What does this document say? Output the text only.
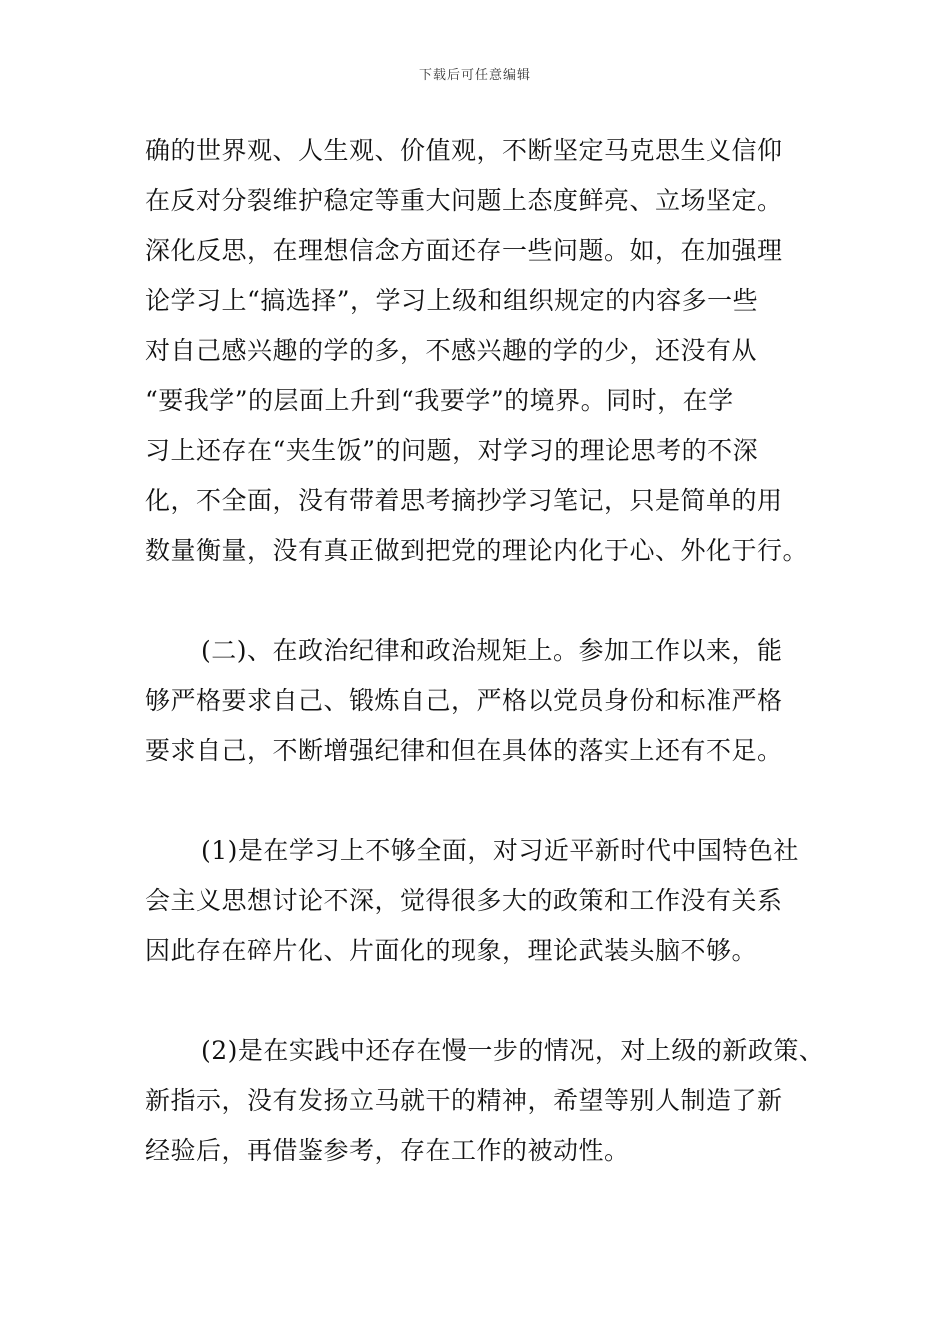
下载后可任意编辑
确的世界观、人生观、价值观，不断坚定马克思生义信仰
在反对分裂维护稳定等重大问题上态度鲜亮、立场坚定。
深化反思，在理想信念方面还存一些问题。如，在加强理
论学习上“搞选择”，学习上级和组织规定的内容多一些
对自己感兴趣的学的多，不感兴趣的学的少，还没有从
“要我学”的层面上升到“我要学”的境界。同时，在学
习上还存在“夹生饭”的问题，对学习的理论思考的不深
化，不全面，没有带着思考摘抄学习笔记，只是简单的用
数量衡量，没有真正做到把党的理论内化于心、外化于行。
(二)、在政治纪律和政治规矩上。参加工作以来，能
够严格要求自己、锻炼自己，严格以党员身份和标准严格
要求自己，不断增强纪律和但在具体的落实上还有不足。
(1)是在学习上不够全面，对习近平新时代中国特色社
会主义思想讨论不深，觉得很多大的政策和工作没有关系
因此存在碎片化、片面化的现象，理论武装头脑不够。
(2)是在实践中还存在慢一步的情况，对上级的新政策、
新指示，没有发扬立马就干的精神，希望等别人制造了新
经验后，再借鉴参考，存在工作的被动性。
